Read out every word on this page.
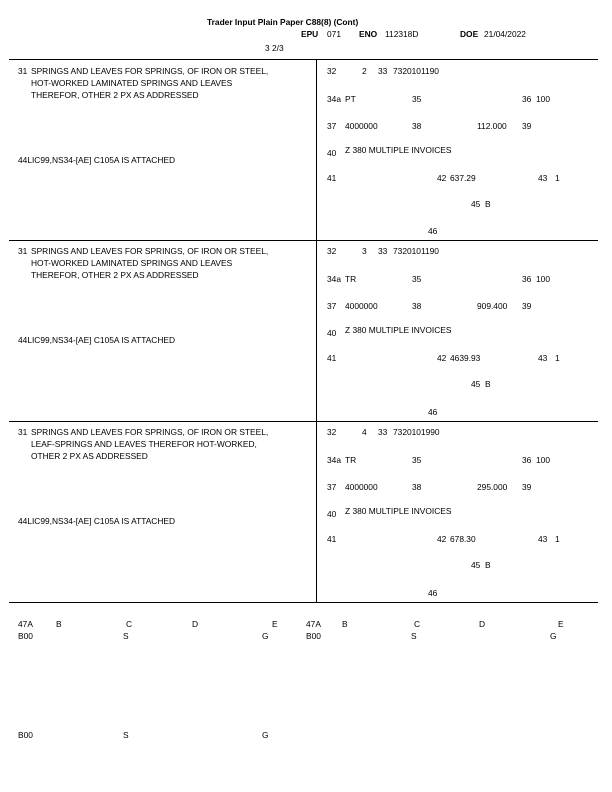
Trader Input Plain Paper C88(8) (Cont)
EPU 071 ENO 112318D	DOE 21/04/2022
3 2/3
31 SPRINGS AND LEAVES FOR SPRINGS, OF IRON OR STEEL,
HOT-WORKED LAMINATED SPRINGS AND LEAVES
THEREFOR, OTHER 2 PX AS ADDRESSED
44LIC99,NS34-[AE] C105A IS ATTACHED
32	2 33 7320101190
34a PT	35	36 100
37 4000000	38	112.000 39
40 Z 380 MULTIPLE INVOICES
41	42 637.29	43 1
45 B
46
31 SPRINGS AND LEAVES FOR SPRINGS, OF IRON OR STEEL,
HOT-WORKED LAMINATED SPRINGS AND LEAVES
THEREFOR, OTHER 2 PX AS ADDRESSED
44LIC99,NS34-[AE] C105A IS ATTACHED
32	3 33 7320101190
34a TR	35	36 100
37 4000000	38	909.400 39
40 Z 380 MULTIPLE INVOICES
41	42 4639.93	43 1
45 B
46
31 SPRINGS AND LEAVES FOR SPRINGS, OF IRON OR STEEL,
LEAF-SPRINGS AND LEAVES THEREFOR HOT-WORKED,
OTHER 2 PX AS ADDRESSED
44LIC99,NS34-[AE] C105A IS ATTACHED
32	4 33 7320101990
34a TR	35	36 100
37 4000000	38	295.000 39
40 Z 380 MULTIPLE INVOICES
41	42 678.30	43 1
45 B
46
47A	B	C	D	E
B00	S	G
B00	S	G
47A	B	C	D	E
B00	S	G
